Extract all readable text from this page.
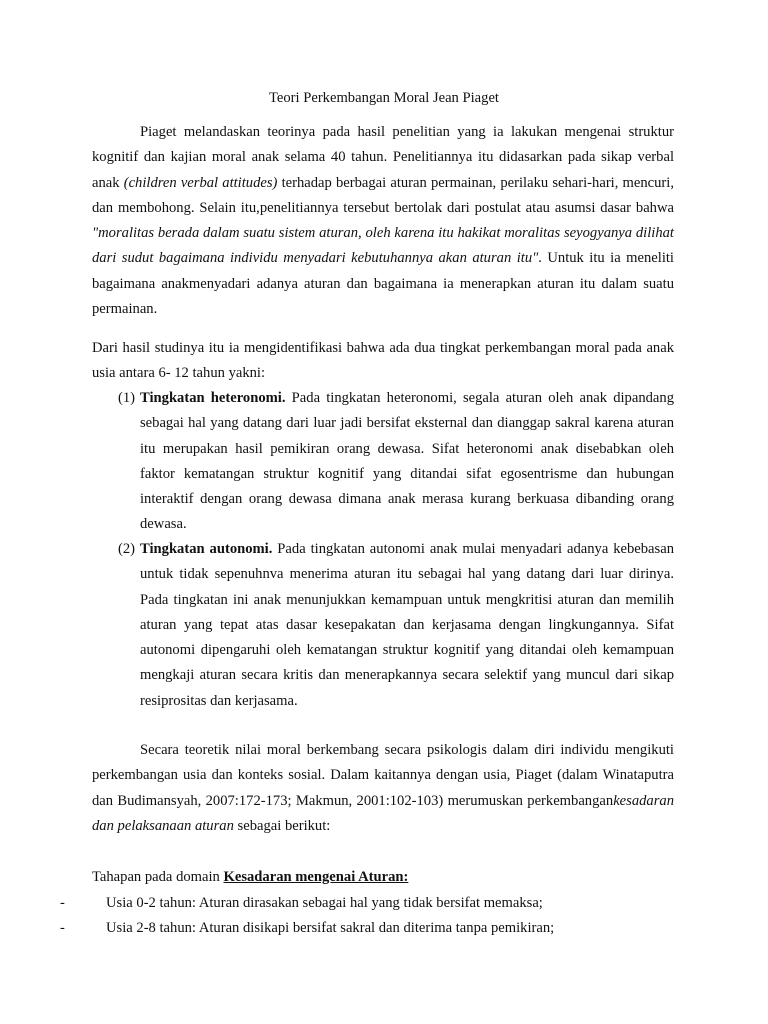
Teori Perkembangan Moral Jean Piaget

Piaget melandaskan teorinya pada hasil penelitian yang ia lakukan mengenai struktur kognitif dan kajian moral anak selama 40 tahun. Penelitiannya itu didasarkan pada sikap verbal anak (children verbal attitudes) terhadap berbagai aturan permainan, perilaku sehari-hari, mencuri, dan membohong. Selain itu,penelitiannya tersebut bertolak dari postulat atau asumsi dasar bahwa "moralitas berada dalam suatu sistem aturan, oleh karena itu hakikat moralitas seyogyanya dilihat dari sudut bagaimana individu menyadari kebutuhannya akan aturan itu". Untuk itu ia meneliti bagaimana anakmenyadari adanya aturan dan bagaimana ia menerapkan aturan itu dalam suatu permainan.

Dari hasil studinya itu ia mengidentifikasi bahwa ada dua tingkat perkembangan moral pada anak usia antara 6- 12 tahun yakni:

(1) Tingkatan heteronomi. Pada tingkatan heteronomi, segala aturan oleh anak dipandang sebagai hal yang datang dari luar jadi bersifat eksternal dan dianggap sakral karena aturan itu merupakan hasil pemikiran orang dewasa. Sifat heteronomi anak disebabkan oleh faktor kematangan struktur kognitif yang ditandai sifat egosentrisme dan hubungan interaktif dengan orang dewasa dimana anak merasa kurang berkuasa dibanding orang dewasa.
(2) Tingkatan autonomi. Pada tingkatan autonomi anak mulai menyadari adanya kebebasan untuk tidak sepenuhnva menerima aturan itu sebagai hal yang datang dari luar dirinya. Pada tingkatan ini anak menunjukkan kemampuan untuk mengkritisi aturan dan memilih aturan yang tepat atas dasar kesepakatan dan kerjasama dengan lingkungannya. Sifat autonomi dipengaruhi oleh kematangan struktur kognitif yang ditandai oleh kemampuan mengkaji aturan secara kritis dan menerapkannya secara selektif yang muncul dari sikap resiprositas dan kerjasama.

Secara teoretik nilai moral berkembang secara psikologis dalam diri individu mengikuti perkembangan usia dan konteks sosial. Dalam kaitannya dengan usia, Piaget (dalam Winataputra dan Budimansyah, 2007:172-173; Makmun, 2001:102-103) merumuskan perkembangankesadaran dan pelaksanaan aturan sebagai berikut:

Tahapan pada domain Kesadaran mengenai Aturan:

-	Usia 0-2 tahun: Aturan dirasakan sebagai hal yang tidak bersifat memaksa;
-	Usia 2-8 tahun: Aturan disikapi bersifat sakral dan diterima tanpa pemikiran;
